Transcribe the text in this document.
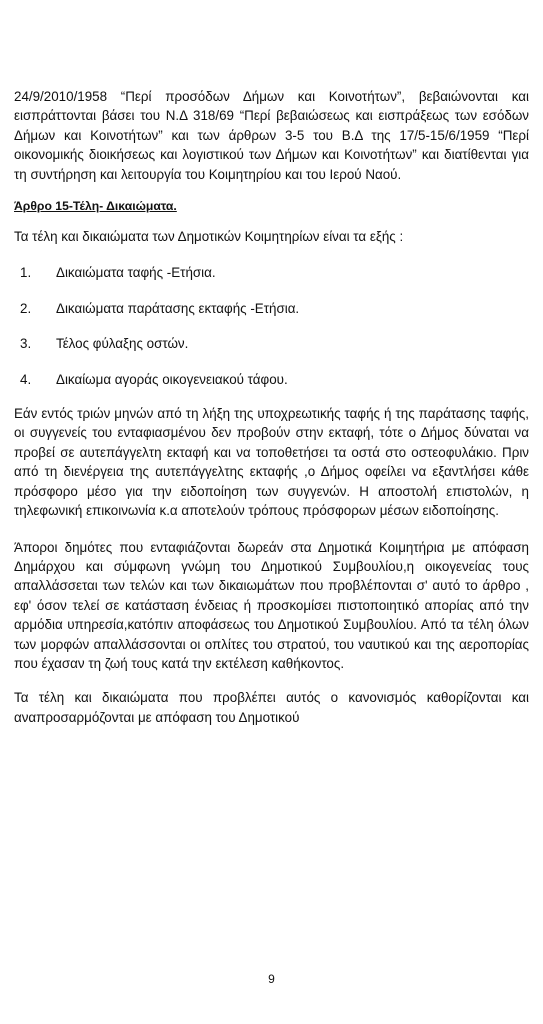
24/9/2010/1958 “Περί προσόδων Δήμων και Κοινοτήτων”, βεβαιώνονται και εισπράττονται βάσει του Ν.Δ 318/69 “Περί βεβαιώσεως και εισπράξεως των εσόδων Δήμων και Κοινοτήτων” και των άρθρων 3-5 του Β.Δ της 17/5-15/6/1959 “Περί οικονομικής διοικήσεως και λογιστικού των Δήμων και Κοινοτήτων” και διατίθενται για τη συντήρηση και λειτουργία του Κοιμητηρίου και του Ιερού Ναού.

Άρθρο 15-Τέλη- Δικαιώματα.

Τα τέλη και δικαιώματα των Δημοτικών Κοιμητηρίων είναι τα εξής :

1.	Δικαιώματα ταφής -Ετήσια.
2.	Δικαιώματα παράτασης εκταφής -Ετήσια.
3.	Τέλος φύλαξης οστών.
4.	Δικαίωμα αγοράς οικογενειακού τάφου.

Εάν εντός τριών μηνών από τη λήξη της υποχρεωτικής ταφής ή της παράτασης ταφής, οι συγγενείς του ενταφιασμένου δεν προβούν στην εκταφή, τότε ο Δήμος δύναται να προβεί σε αυτεπάγγελτη εκταφή και να τοποθετήσει τα οστά στο οστεοφυλάκιο. Πριν από τη διενέργεια της αυτεπάγγελτης εκταφής ,ο Δήμος οφείλει να εξαντλήσει κάθε πρόσφορο μέσο για την ειδοποίηση των συγγενών. Η αποστολή επιστολών, η τηλεφωνική επικοινωνία κ.α αποτελούν τρόπους πρόσφορων μέσων ειδοποίησης.

Άποροι δημότες που ενταφιάζονται δωρεάν στα Δημοτικά Κοιμητήρια με απόφαση Δημάρχου και σύμφωνη γνώμη του Δημοτικού Συμβουλίου,η οικογενείας τους απαλλάσσεται των τελών και των δικαιωμάτων που προβλέπονται σ' αυτό το άρθρο , εφ' όσον τελεί σε κατάσταση ένδειας ή προσκομίσει πιστοποιητικό απορίας από την αρμόδια υπηρεσία,κατόπιν αποφάσεως του Δημοτικού Συμβουλίου. Από τα τέλη όλων των μορφών απαλλάσσονται οι οπλίτες του στρατού, του ναυτικού και της αεροπορίας που έχασαν τη ζωή τους κατά την εκτέλεση καθήκοντος.

Τα τέλη και δικαιώματα που προβλέπει αυτός ο κανονισμός καθορίζονται και αναπροσαρμόζονται με απόφαση του Δημοτικού

9
